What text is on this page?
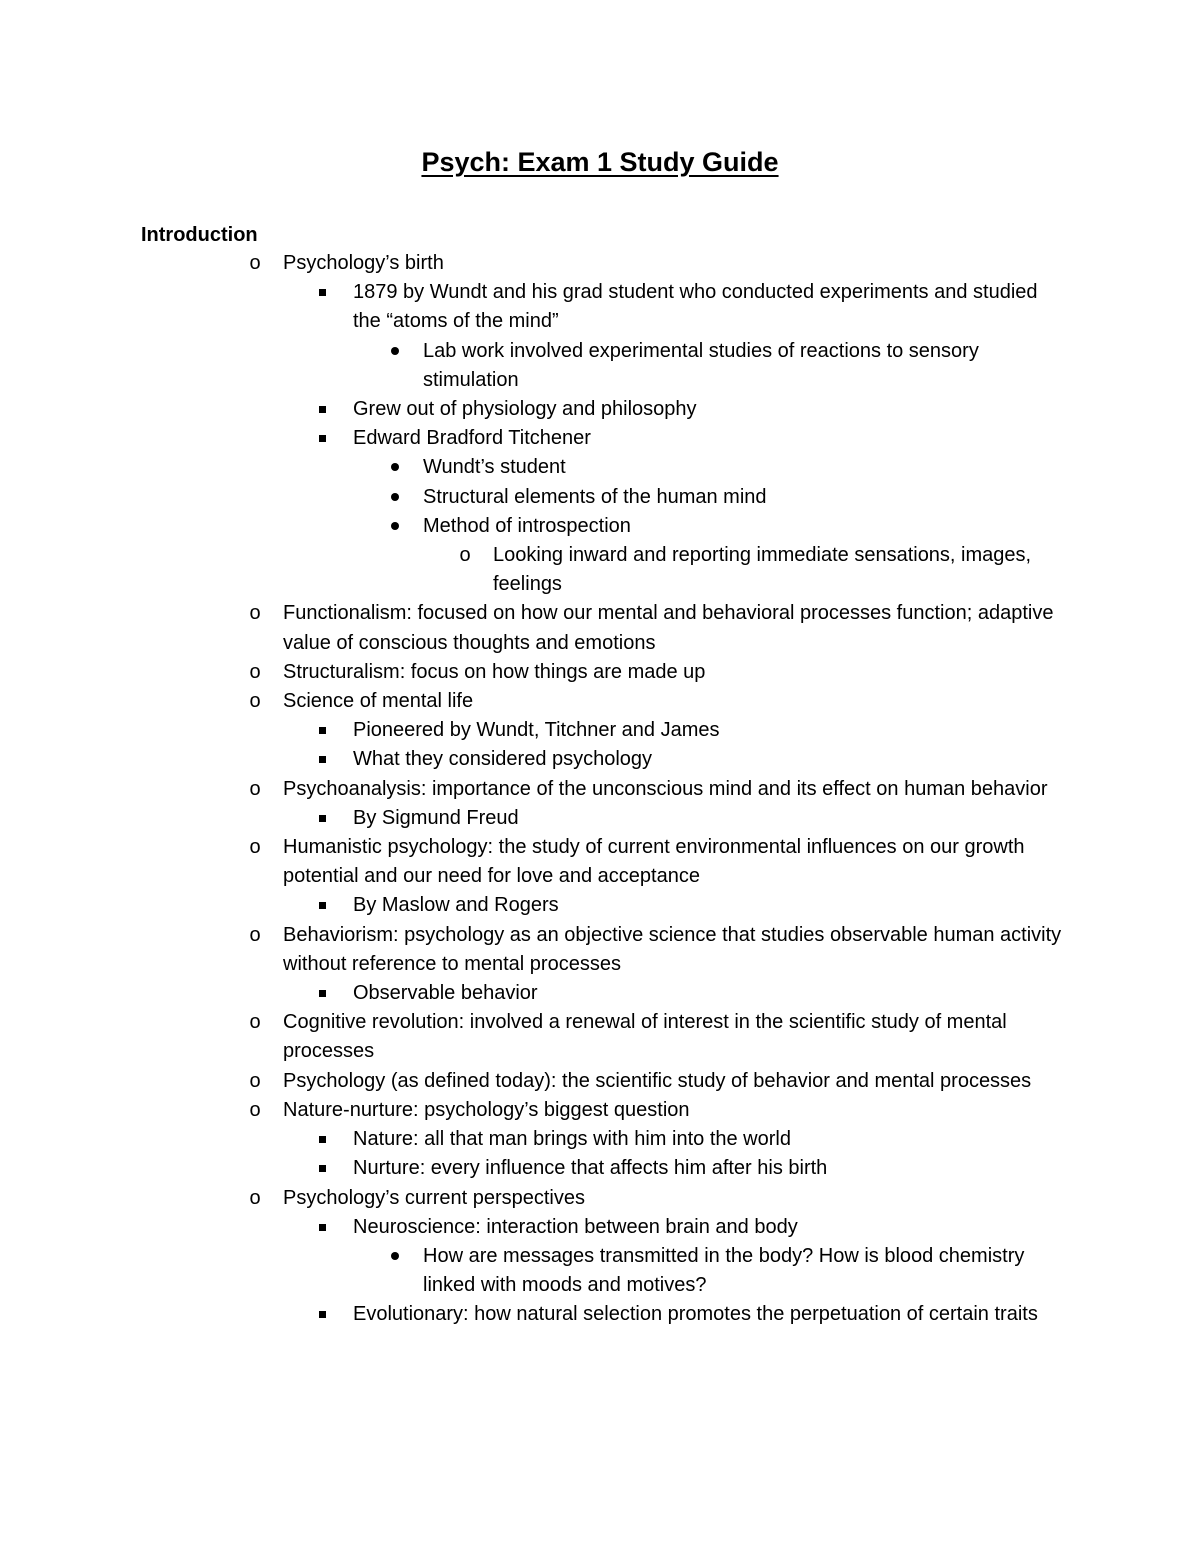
Psych: Exam 1 Study Guide
Introduction
o Psychology’s birth
1879 by Wundt and his grad student who conducted experiments and studied the “atoms of the mind”
Lab work involved experimental studies of reactions to sensory stimulation
Grew out of physiology and philosophy
Edward Bradford Titchener
Wundt’s student
Structural elements of the human mind
Method of introspection
o Looking inward and reporting immediate sensations, images, feelings
o Functionalism: focused on how our mental and behavioral processes function; adaptive value of conscious thoughts and emotions
o Structuralism: focus on how things are made up
o Science of mental life
Pioneered by Wundt, Titchner and James
What they considered psychology
o Psychoanalysis: importance of the unconscious mind and its effect on human behavior
By Sigmund Freud
o Humanistic psychology: the study of current environmental influences on our growth potential and our need for love and acceptance
By Maslow and Rogers
o Behaviorism: psychology as an objective science that studies observable human activity without reference to mental processes
Observable behavior
o Cognitive revolution: involved a renewal of interest in the scientific study of mental processes
o Psychology (as defined today): the scientific study of behavior and mental processes
o Nature-nurture: psychology’s biggest question
Nature: all that man brings with him into the world
Nurture: every influence that affects him after his birth
o Psychology’s current perspectives
Neuroscience: interaction between brain and body
How are messages transmitted in the body? How is blood chemistry linked with moods and motives?
Evolutionary: how natural selection promotes the perpetuation of certain traits
